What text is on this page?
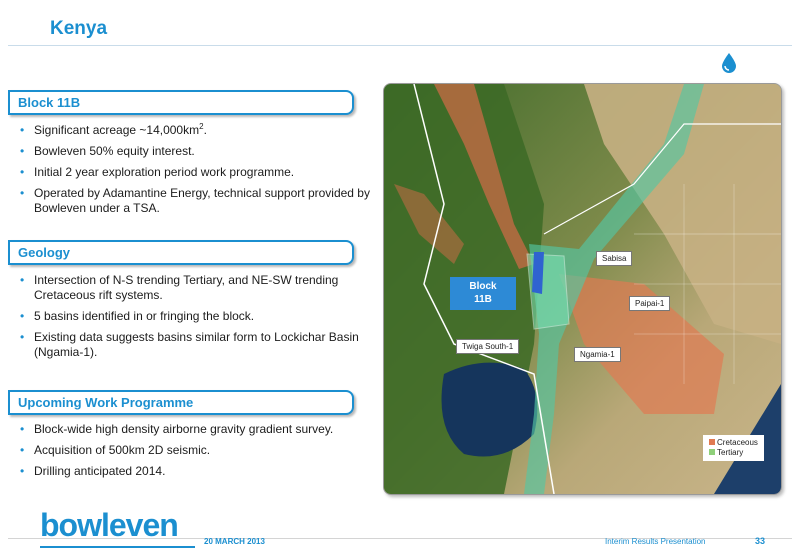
Kenya
Block 11B
• Significant acreage $\sim 14,000km^2$.
• Bowleven 50% equity interest.
• Initial 2 year exploration period work programme.
• Operated by Adamantine Energy, technical support provided by Bowleven under a TSA.
Geology
• Intersection of N-S trending Tertiary, and NE-SW trending Cretaceous rift systems.
• 5 basins identified in or fringing the block.
• Existing data suggests basins similar form to Lockichar Basin (Ngamia-1).
Upcoming Work Programme
• Block-wide high density airborne gravity gradient survey.
• Acquisition of 500km 2D seismic.
• Drilling anticipated 2014.
Block
11B
Sabisa
Paipai-1
Twiga South-1
Ngamia-1
Cretaceous
Tertiary
bowleven	20 MARCH 2013	Interim Results Presentation	33
